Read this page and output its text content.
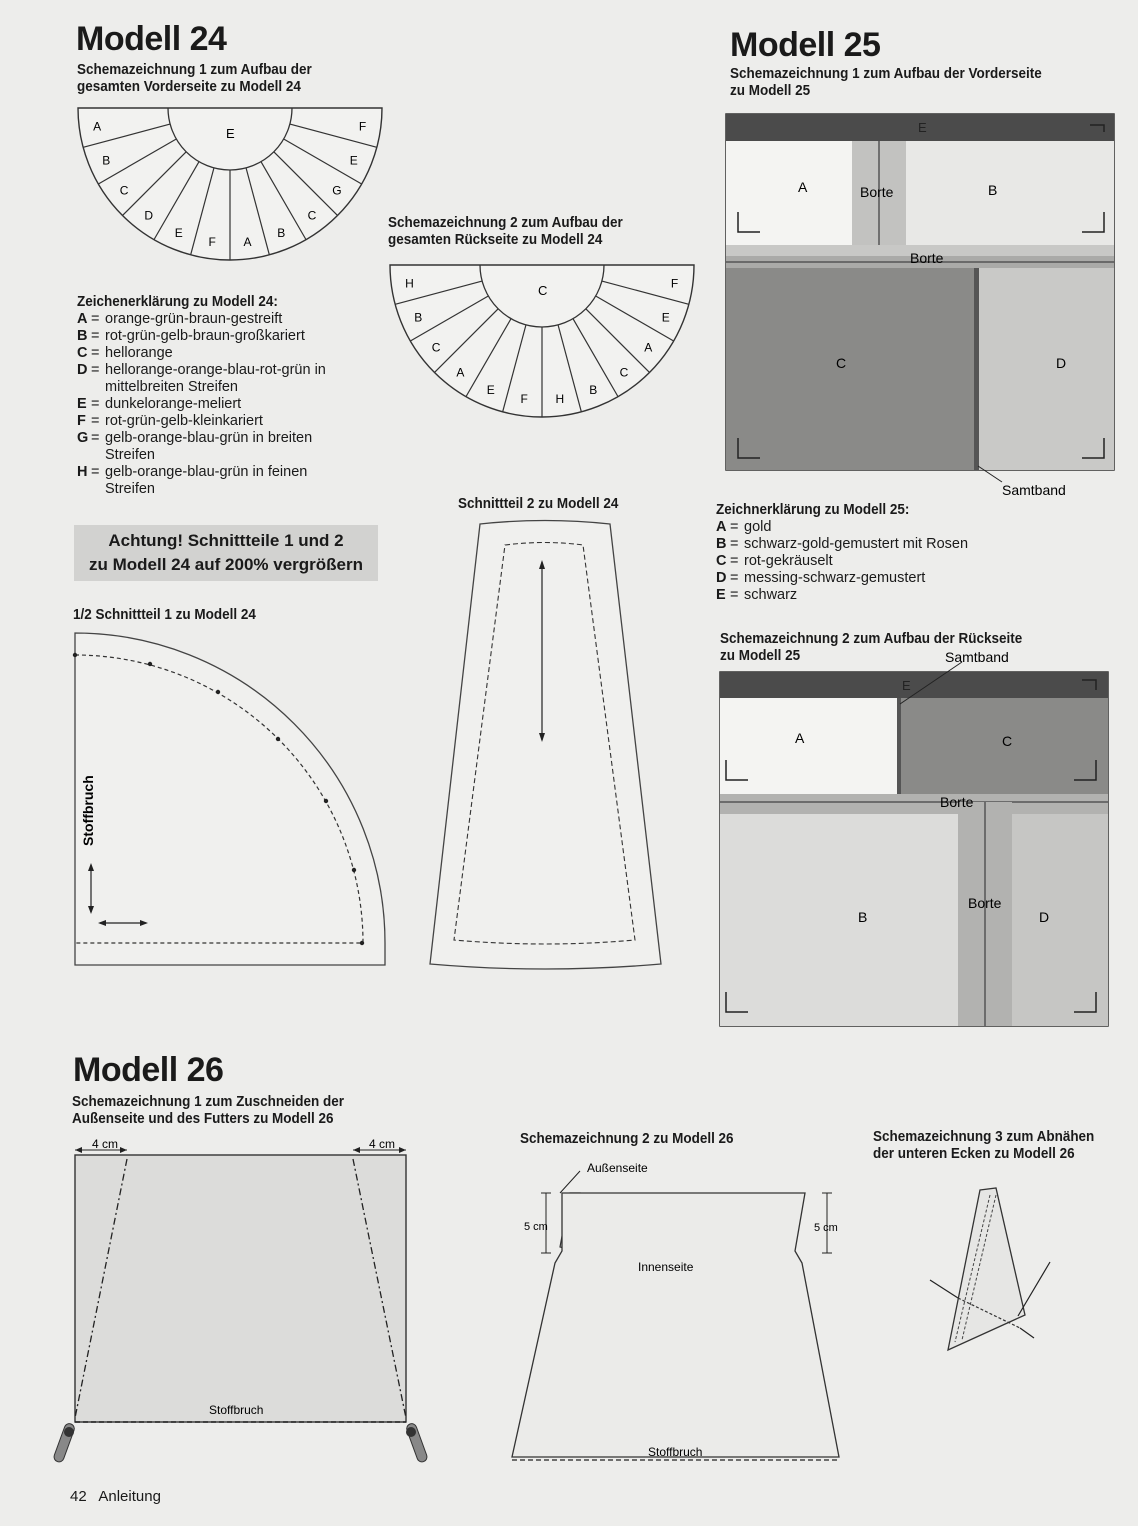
Modell 24
Schemazeichnung 1 zum Aufbau der
gesamten Vorderseite zu Modell 24
A
B
C
D
E
F A
B
C
G
E
F
E
Schemazeichnung 2 zum Aufbau der
gesamten Rückseite zu Modell 24
H
B
C
A
E
F H
B
C
A
E
F
C
Zeichenerklärung zu Modell 24:
A = orange-grün-braun-gestreift
B = rot-grün-gelb-braun-großkariert
C = hellorange
D = hellorange-orange-blau-rot-grün in mittelbreiten Streifen
E = dunkelorange-meliert
F = rot-grün-gelb-kleinkariert
G = gelb-orange-blau-grün in breiten Streifen
H = gelb-orange-blau-grün in feinen Streifen
Achtung! Schnittteile 1 und 2
zu Modell 24 auf 200% vergrößern
1/2 Schnittteil 1 zu Modell 24
Stoffbruch
Schnittteil 2 zu Modell 24
Modell 25
Schemazeichnung 1 zum Aufbau der Vorderseite
zu Modell 25
E
A	Borte	B
Borte
C	D
Samtband
Zeichnerklärung zu Modell 25:
A = gold
B = schwarz-gold-gemustert mit Rosen
C = rot-gekräuselt
D = messing-schwarz-gemustert
E = schwarz
Schemazeichnung 2 zum Aufbau der Rückseite
zu Modell 25	Samtband
E
A	C
Borte
B
Borte
D
Modell 26
Schemazeichnung 1 zum Zuschneiden der
Außenseite und des Futters zu Modell 26
4 cm	4 cm
Stoffbruch
Schemazeichnung 2 zu Modell 26
Außenseite
Innenseite
5 cm	5 cm
Stoffbruch
Schemazeichnung 3 zum Abnähen
der unteren Ecken zu Modell 26
42 Anleitung
